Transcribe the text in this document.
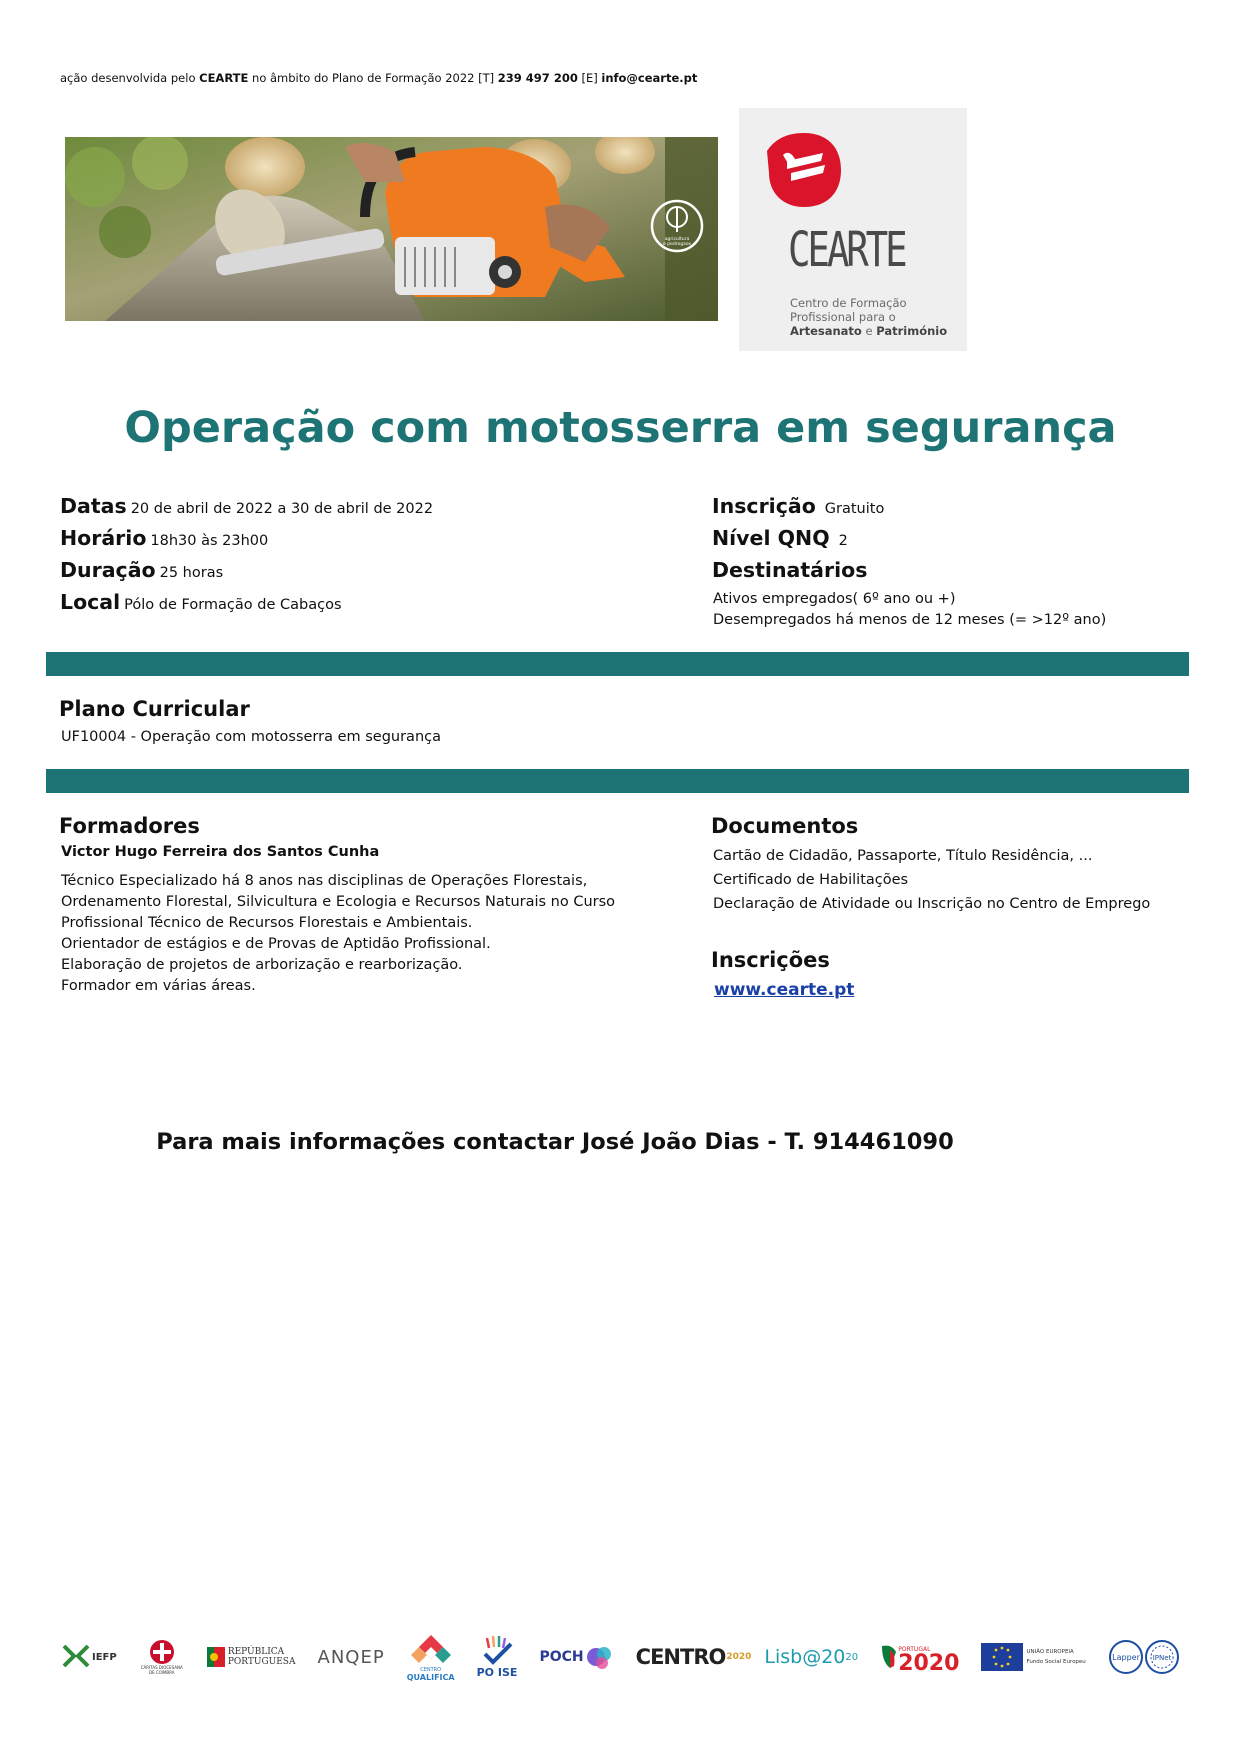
ação desenvolvida pelo CEARTE no âmbito do Plano de Formação 2022 [T] 239 497 200 [E] info@cearte.pt
agricultura
e pedrogaos CEARTE
Centro de Formação
Profissional para o
Artesanato e Património
Operação com motosserra em segurança
Datas 20 de abril de 2022 a 30 de abril de 2022
Horário 18h30 às 23h00
Duração 25 horas
Local Pólo de Formação de Cabaços
Inscrição Gratuito
Nível QNQ 2
Destinatários
Ativos empregados( 6º ano ou +)
Desempregados há menos de 12 meses (= >12º ano)
Plano Curricular
UF10004 - Operação com motosserra em segurança
Formadores
Victor Hugo Ferreira dos Santos Cunha
Técnico Especializado há 8 anos nas disciplinas de Operações Florestais,
Ordenamento Florestal, Silvicultura e Ecologia e Recursos Naturais no Curso
Profissional Técnico de Recursos Florestais e Ambientais.
Orientador de estágios e de Provas de Aptidão Profissional.
Elaboração de projetos de arborização e rearborização.
Formador em várias áreas.
Documentos
Cartão de Cidadão, Passaporte, Título Residência, ...
Certificado de Habilitações
Declaração de Atividade ou Inscrição no Centro de Emprego
Inscrições
www.cearte.pt
Para mais informações contactar José João Dias - T. 914461090
IEFP
CÁRITAS DIOCESANA DE COIMBRA
REPÚBLICA
PORTUGUESA ANQEP
CENTRO
QUALIFICA PO ISE
POCH CENTRO 2020 Lisb@20 20
PORTUGAL
2020	UNIÃO EUROPEIA
Fundo Social Europeu	Lapper IPNet
